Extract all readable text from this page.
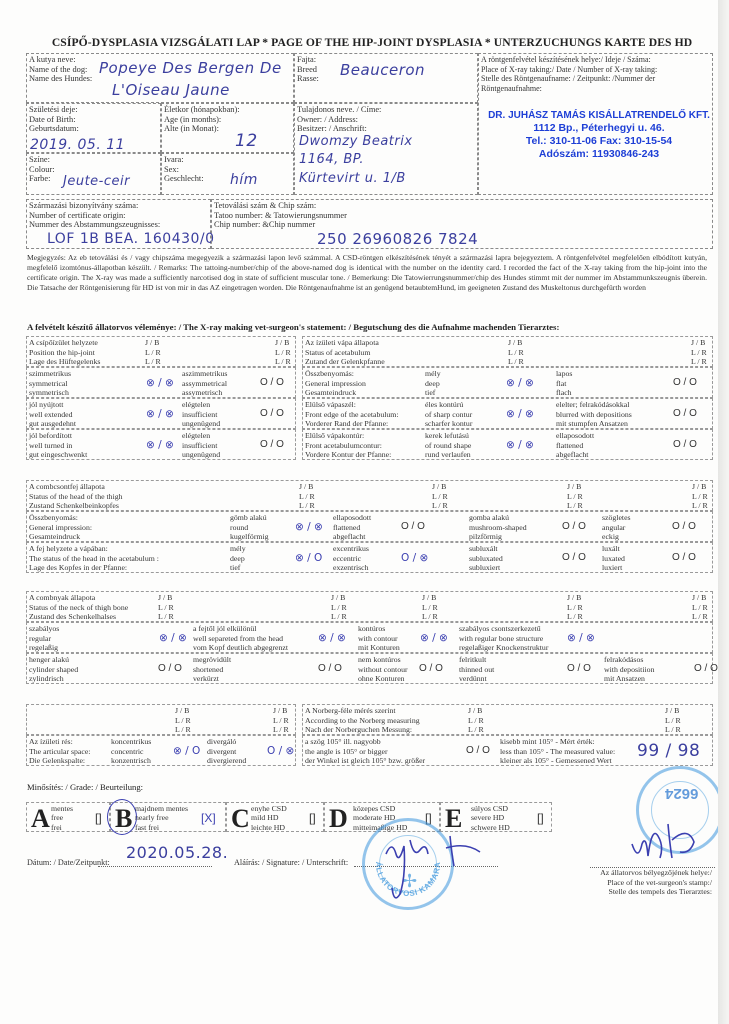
CSÍPŐ-DYSPLASIA VIZSGÁLATI LAP * PAGE OF THE HIP-JOINT DYSPLASIA * UNTERZUCHUNGS KARTE DES HD
A kutya neve:
Name of the dog:
Name des Hundes:
Popeye Des Bergen De
L'Oiseau Jaune
Fajta:
Breed
Rasse: Beauceron
A röntgenfelvétel készítésének helye:/ Ideje / Száma:
Place of X-ray taking:/ Date / Number of X-ray taking:
Stelle des Röntgenaufname: / Zeitpunkt: /Nummer der
Röntgenaufnahme:
DR. JUHÁSZ TAMÁS KISÁLLATRENDELŐ KFT.
1112 Bp., Péterhegyi u. 46.
Tel.: 310-11-06 Fax: 310-15-54
Adószám: 11930846-243
Születési deje:
Date of Birth:
Geburtsdatum:
2019. 05. 11
Életkor (hónapokban):
Age (in months):
Alte (in Monat):
12
Tulajdonos neve. / Címe:
Owner: / Address:
Besitzer: / Anschrift:
Dwomzy Beatrix
1164, BP.
Kürtevirt u. 1/B
Színe:
Colour:
Farbe: Jeute-ceir
Ivara:
Sex:
Geschlecht: hím
Származási bizonyítvány száma:
Number of certificate origin:
Nummer des Abstammungszeugnisses:
LOF 1B BEA. 160430/0
Tetoválási szám & Chip szám:
Tatoo number: & Tatowierungsnummer
Chip number: &Chip nummer
250 26960826 7824
Megjegyzés: Az eb tetoválási és / vagy chipszáma megegyezik a származási lapon levő számmal. A CSD-röntgen elkészítésének tényét a származási lapra bejegyeztem. A röntgenfelvétel megfelelően elbódított kutyán, megfelelő izomtónus-állapotban készült. / Remarks: The tattoing-number/chip of the above-named dog is identical with the number on the identity card. I recorded the fact of the X-ray taking from the hip-joint into the certificate origin. The X-ray was made a sufficiently narcotised dog in state of sufficient muscular tone. / Bemerkung: Die Tatowierrungsnummer/chip des Hundes stimmt mit der nummer im Abstammunkszeugnis überein. Die Tatsache der Röntgenisierung für HD ist von mir in das AZ eingetragen worden. Die Röntgenaufnahme ist an genügend betaubtemHund, im geeigneten Zustand des Muskeltonus durchgefürth worden
A felvételt készítő állatorvos véleménye: / The X-ray making vet-surgeon's statement: / Begutschung des die Aufnahme machenden Tierarztes:
A csípőízület helyzete
Position the hip-joint
Lage des Hüftegelenks
J / B
L / R
L / R
J / B
L / R
L / R
szimmetrikus
symmetrical
symmetrisch
⊗ / ⊗
aszimmetrikus
assymmetrical
assymetrisch
O / O
jól nyújtott
well extended
gut ausgedehnt
⊗ / ⊗
elégtelen
insufficient
ungenügend
O / O
jól befordított
well turned in
gut eingeschwenkt
⊗ / ⊗
elégtelen
insufficient
ungenügend
O / O
Az ízületi vápa állapota
Status of acetabulum
Zutand der Gelenkpfanne
J / B
L / R
L / R
J / B
L / R
L / R
Összbenyomás:
General impression
Gesamteindruck
mély
deep
tief
⊗ / ⊗
lapos
flat
flach
O / O
Elülső vápaszél:
Front edge of the acetabulum:
Vorderer Rand der Pfanne:
éles kontúrú
of sharp contur
scharfer kontur
⊗ / ⊗
elelter; felrakódásokkal
blurred with depositions
mit stumpfen Ansatzen
O / O
Elülső vápakontúr:
Front acetabulumcontur:
Vordere Kontur der Pfanne:
kerek lefutású
of round shape
rund verlaufen
⊗ / ⊗
ellaposodott
flattened
abgeflacht
O / O
A combcsontfej állapota
Status of the head of the thigh
Zustand Schenkelbeinkopfes
J / B
L / R
L / R
J / B
L / R
L / R
J / B
L / R
L / R
J / B
L / R
L / R
Összbenyomás:
General impression:
Gesamteindruck
gömb alakú
round
kugelförmig
⊗ / ⊗
ellaposodott
flattened
abgeflacht
O / O
gomba alakú
mushroom-shaped
pilzförmig
O / O
szögletes
angular
eckig
O / O
A fej helyzete a vápában:
The status of the head in the acetabulum :
Lage des Kopfes in der Pfanne:
mély
deep
tief
⊗ / O
excentrikus
eccentric
exzentrisch
O / ⊗
subluxált
subluxated
subluxiert
O / O
luxált
luxated
luxiert
O / O
A combnyak állapota
Status of the neck of thigh bone
Zustand des Schenkelhalses
J / B
L / R
L / R
J / B
L / R
L / R
J / B
L / R
L / R
J / B
L / R
L / R
J / B
L / R
L / R
szabályos
regular
regelaßig
⊗ / ⊗
a fejtől jól elkülönül
well separeted from the head
vom Kopf deutlich abgegrenzt
⊗ / ⊗
kontúros
with contour
mit Konturen
⊗ / ⊗
szabályos csontszerkezetű
with regular bone structure
regelaßiger Knockenstruktur
⊗ / ⊗
henger alakú
cylinder shaped
zylindrisch
O / O
megrövidült
shortened
verkürzt
O / O
nem kontúros
without contour
ohne Konturen
O / O
felritkult
thinned out
verdünnt
O / O
felrakódásos
with depositiion
mit Ansatzen
O / O
J / B
L / R
L / R
J / B
L / R
L / R
Az ízületi rés:
The articular space:
Die Gelenkspalte:
koncentrikus
concentric
konzentrisch
⊗ / O
divergáló
divergent
divergierend
O / ⊗
A Norberg-féle mérés szerint
According to the Norberg measuring
Nach der Norberguchen Messung:
J / B
L / R
L / R
J / B
L / R
L / R
a szög 105° ill. nagyobb
the angle is 105° or bigger
der Winkel ist gleich 105° bzw. größer
O / O
kisebb mint 105° - Mért érték:
less than 105° - The measured value:
kleiner als 105° - Gemessened Wert 99 / 98
Minősítés: / Grade: / Beurteilung:
A mentes
free
frei
[] B majdnem mentes
nearly free
fast frei
[X] C enyhe CSD
mild HD
leichte HD
[] D közepes CSD
moderate HD
mitteimaßige HD
[] E súlyos CSD
severe HD
schwere HD
[]
Dátum: / Date/Zeitpunkt:
2020.05.28.
Aláírás: / Signature: / Unterschrift:
✢
ÁLLATORVOSI KAMARA
6624
Az állatorvos bélyegzőjének helye:/
Place of the vet-surgeon's stamp:/
Stelle des tempels des Tierarztes:
